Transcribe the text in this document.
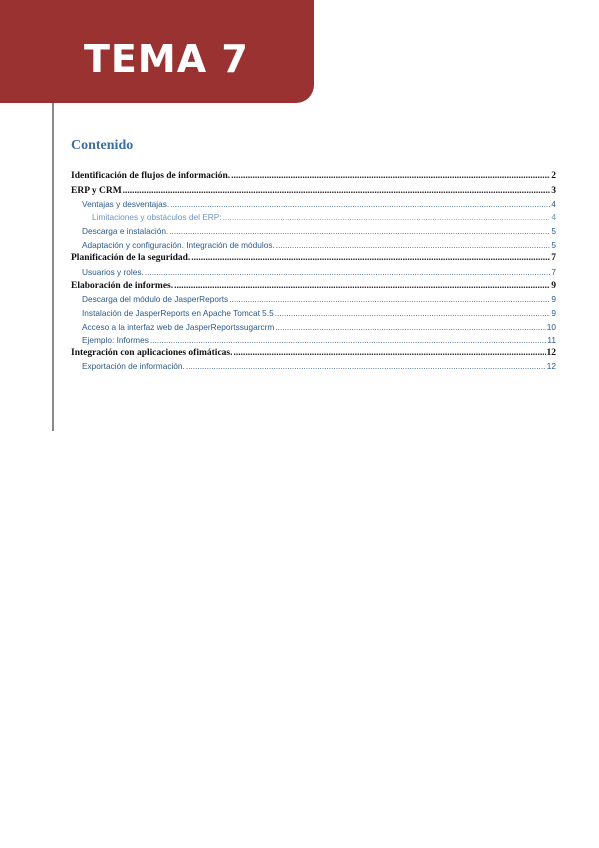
TEMA 7
Contenido
Identificación de flujos de información. .....	2
ERP y CRM .....	3
Ventajas y desventajas. .....	4
Limitaciones y obstáculos del ERP: .....	4
Descarga e instalación. .....	5
Adaptación y configuración. Integración de módulos. .....	5
Planificación de la seguridad. .....	7
Usuarios y roles. .....	7
Elaboración de informes. .....	9
Descarga del módulo de JasperReports .....	9
Instalación de JasperReports en Apache Tomcat 5.5 .....	9
Acceso a la interfaz web de JasperReportssugarcrm .....	10
Ejemplo: Informes .....	11
Integración con aplicaciones ofimáticas. .....	12
Exportación de información. .....	12
